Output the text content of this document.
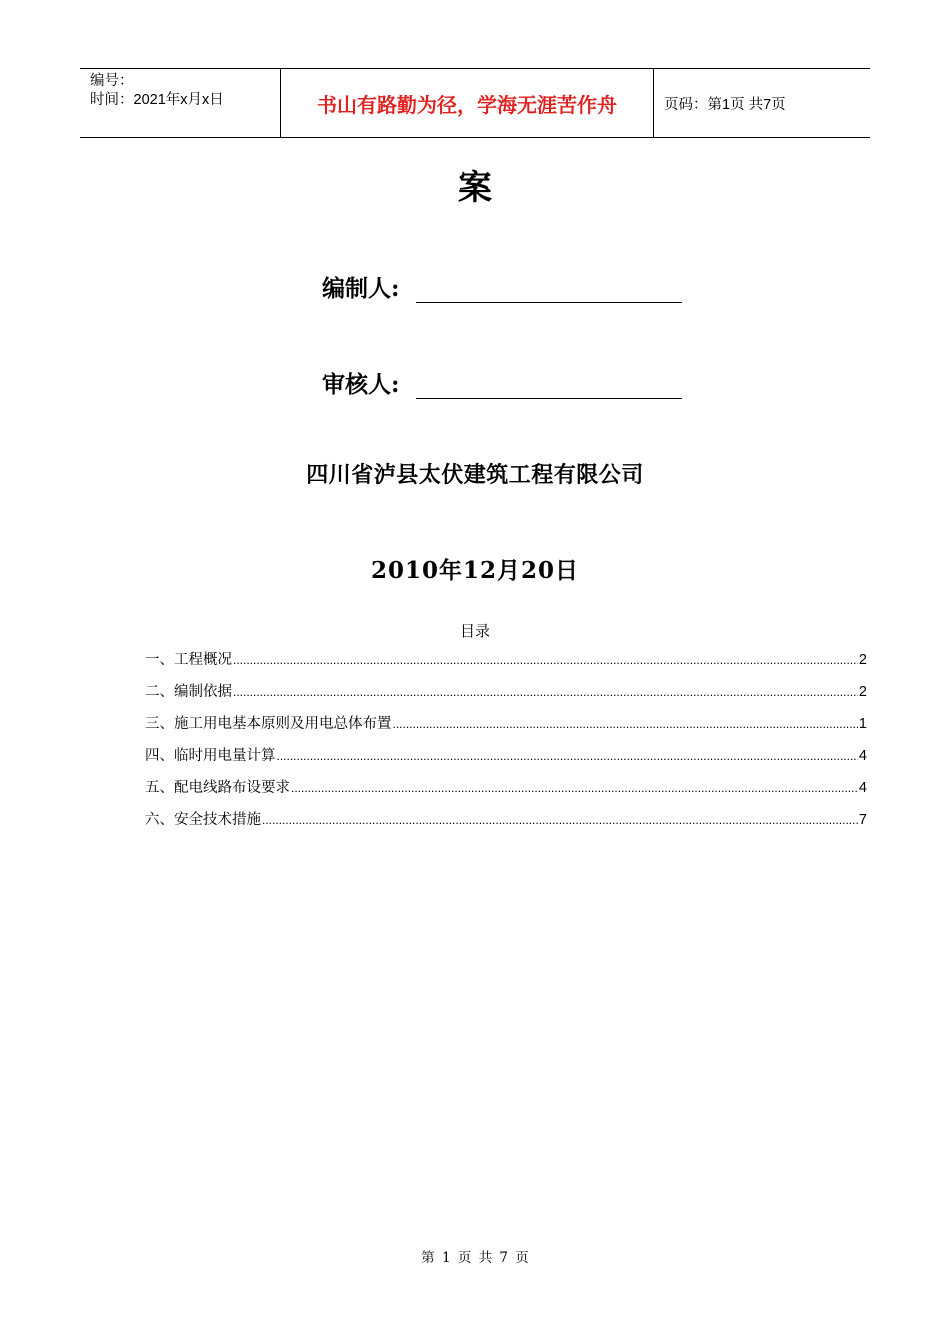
编号：
时间：2021年x月x日	书山有路勤为径，学海无涯苦作舟	页码：第1页 共7页
案
编制人:
审核人:
四川省泸县太伏建筑工程有限公司
2010年12月20日
目录
一、工程概况 .....	2
二、编制依据 .....	2
三、施工用电基本原则及用电总体布置 .....	1
四、临时用电量计算 .....	4
五、配电线路布设要求 .....	4
六、安全技术措施 .....	7
第 1 页 共 7 页
